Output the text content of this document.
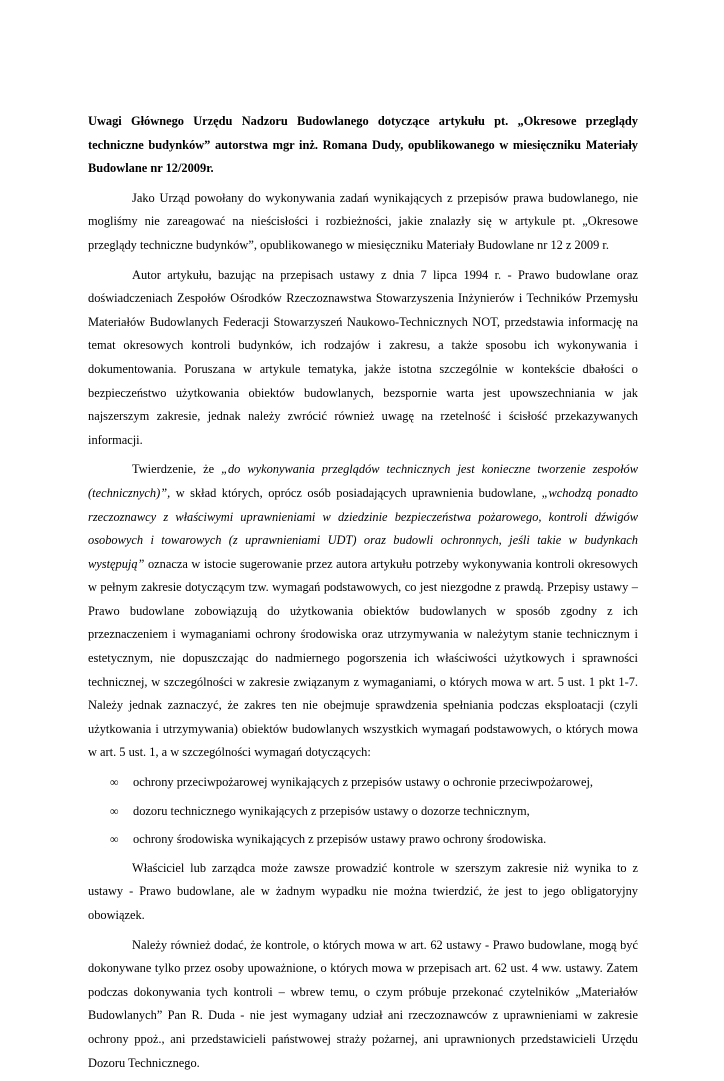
Uwagi Głównego Urzędu Nadzoru Budowlanego dotyczące artykułu pt. „Okresowe przeglądy techniczne budynków” autorstwa mgr inż. Romana Dudy, opublikowanego w miesięczniku Materiały Budowlane nr 12/2009r.

Jako Urząd powołany do wykonywania zadań wynikających z przepisów prawa budowlanego, nie mogliśmy nie zareagować na nieścisłości i rozbieżności, jakie znalazły się w artykule pt. „Okresowe przeglądy techniczne budynków”, opublikowanego w miesięczniku Materiały Budowlane nr 12 z 2009 r.

Autor artykułu, bazując na przepisach ustawy z dnia 7 lipca 1994 r. - Prawo budowlane oraz doświadczeniach Zespołów Ośrodków Rzeczoznawstwa Stowarzyszenia Inżynierów i Techników Przemysłu Materiałów Budowlanych Federacji Stowarzyszeń Naukowo-Technicznych NOT, przedstawia informację na temat okresowych kontroli budynków, ich rodzajów i zakresu, a także sposobu ich wykonywania i dokumentowania. Poruszana w artykule tematyka, jakże istotna szczególnie w kontekście dbałości o bezpieczeństwo użytkowania obiektów budowlanych, bezspornie warta jest upowszechniania w jak najszerszym zakresie, jednak należy zwrócić również uwagę na rzetelność i ścisłość przekazywanych informacji.

Twierdzenie, że „do wykonywania przeglądów technicznych jest konieczne tworzenie zespołów (technicznych)”, w skład których, oprócz osób posiadających uprawnienia budowlane, „wchodzą ponadto rzeczoznawcy z właściwymi uprawnieniami w dziedzinie bezpieczeństwa pożarowego, kontroli dźwigów osobowych i towarowych (z uprawnieniami UDT) oraz budowli ochronnych, jeśli takie w budynkach występują” oznacza w istocie sugerowanie przez autora artykułu potrzeby wykonywania kontroli okresowych w pełnym zakresie dotyczącym tzw. wymagań podstawowych, co jest niezgodne z prawdą. Przepisy ustawy – Prawo budowlane zobowiązują do użytkowania obiektów budowlanych w sposób zgodny z ich przeznaczeniem i wymaganiami ochrony środowiska oraz utrzymywania w należytym stanie technicznym i estetycznym, nie dopuszczając do nadmiernego pogorszenia ich właściwości użytkowych i sprawności technicznej, w szczególności w zakresie związanym z wymaganiami, o których mowa w art. 5 ust. 1 pkt 1-7. Należy jednak zaznaczyć, że zakres ten nie obejmuje sprawdzenia spełniania podczas eksploatacji (czyli użytkowania i utrzymywania) obiektów budowlanych wszystkich wymagań podstawowych, o których mowa w art. 5 ust. 1, a w szczególności wymagań dotyczących:

∞ ochrony przeciwpożarowej wynikających z przepisów ustawy o ochronie przeciwpożarowej,
∞ dozoru technicznego wynikających z przepisów ustawy o dozorze technicznym,
∞ ochrony środowiska wynikających z przepisów ustawy prawo ochrony środowiska.

Właściciel lub zarządca może zawsze prowadzić kontrole w szerszym zakresie niż wynika to z ustawy - Prawo budowlane, ale w żadnym wypadku nie można twierdzić, że jest to jego obligatoryjny obowiązek.

Należy również dodać, że kontrole, o których mowa w art. 62 ustawy - Prawo budowlane, mogą być dokonywane tylko przez osoby upoważnione, o których mowa w przepisach art. 62 ust. 4 ww. ustawy. Zatem podczas dokonywania tych kontroli – wbrew temu, o czym próbuje przekonać czytelników „Materiałów Budowlanych” Pan R. Duda - nie jest wymagany udział ani rzeczoznawców z uprawnieniami w zakresie ochrony ppoż., ani przedstawicieli państwowej straży pożarnej, ani uprawnionych przedstawicieli Urzędu Dozoru Technicznego.
